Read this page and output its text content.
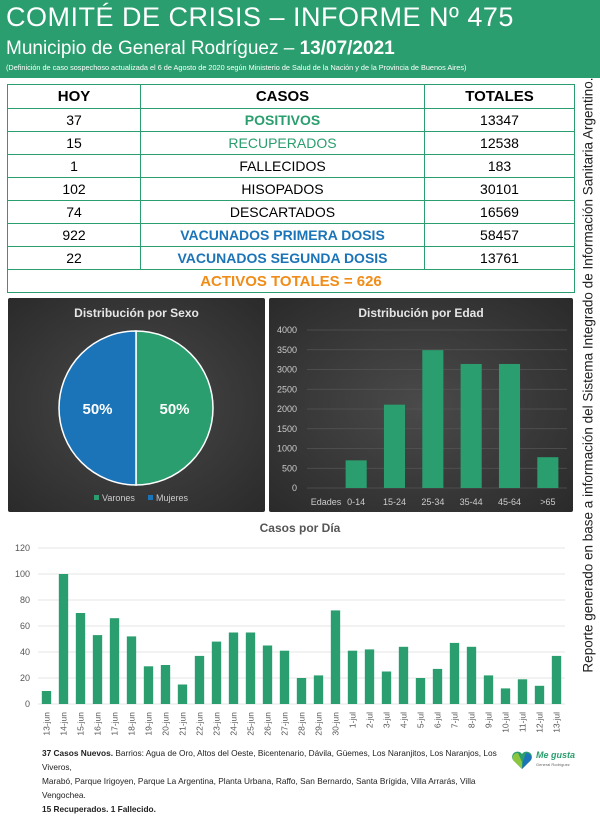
COMITÉ DE CRISIS – INFORME Nº 475
Municipio de General Rodríguez – 13/07/2021
(Definición de caso sospechoso actualizada el 6 de Agosto de 2020 según Ministerio de Salud de la Nación y de la Provincia de Buenos Aires)
HOY	CASOS	TOTALES
37	POSITIVOS	13347
15	RECUPERADOS	12538
1	FALLECIDOS	183
102	HISOPADOS	30101
74	DESCARTADOS	16569
922	VACUNADOS PRIMERA DOSIS	58457
22	VACUNADOS SEGUNDA DOSIS	13761
ACTIVOS TOTALES = 626			Reporte generado en base a información del Sistema Integrado de Información Sanitaria Argentino.
Distribución por Sexo
50%
50%
Varones Mujeres
Distribución por Edad
0
500
1000
1500
2000
2500
3000
3500
4000
Edades 0-14 15-24 25-34 35-44 45-64 >65
Casos por Día
0
20
40
60
80
100
120
13-jun 14-jun 15-jun 16-jun 17-jun 18-jun 19-jun 20-jun 21-jun 22-jun 23-jun 24-jun 25-jun 26-jun 27-jun 28-jun 29-jun 30-jun 1-jul 2-jul 3-jul 4-jul 5-jul 6-jul 7-jul 8-jul 9-jul 10-jul 11-jul 12-jul 13-jul
37 Casos Nuevos. Barrios: Agua de Oro, Altos del Oeste, Bicentenario, Dávila, Güemes, Los Naranjitos, Los Naranjos, Los Viveros,
Marabó, Parque Irigoyen, Parque La Argentina, Planta Urbana, Raffo, San Bernardo, Santa Brígida, Villa Arrarás, Villa Vengochea.
15 Recuperados. 1 Fallecido.
Me gusta
General Rodríguez
